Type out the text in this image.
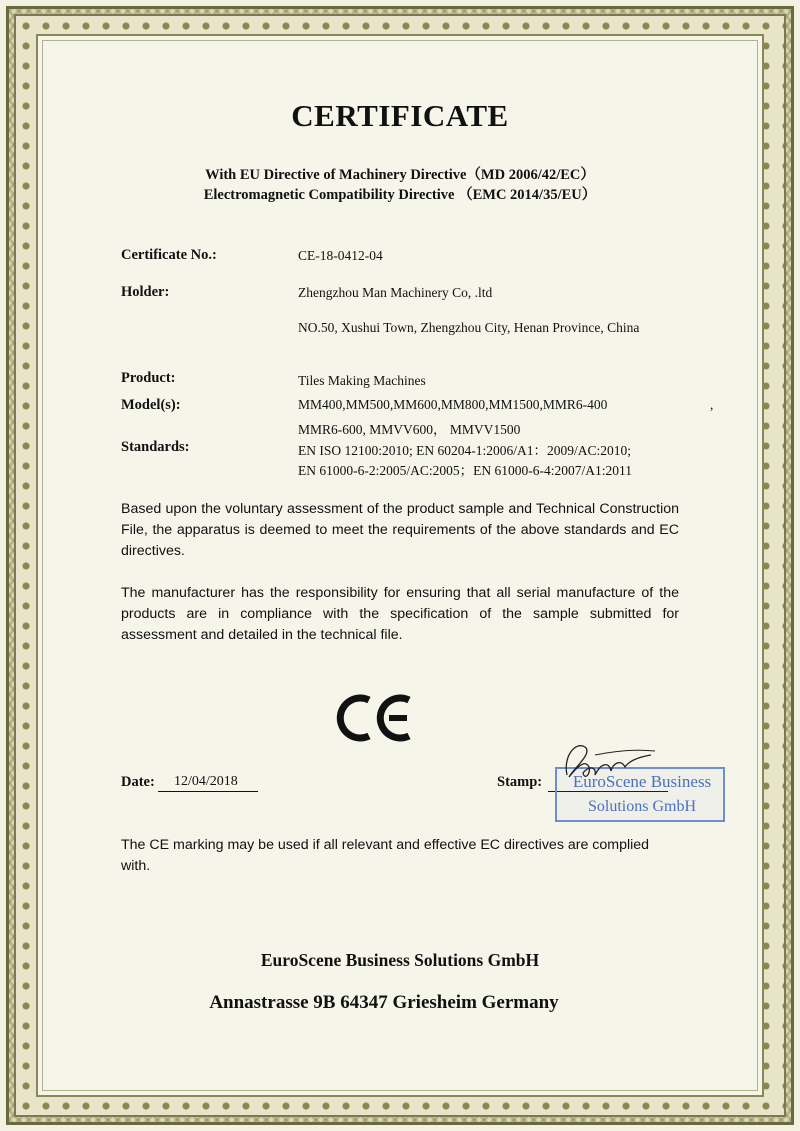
CERTIFICATE
With EU Directive of Machinery Directive（MD 2006/42/EC）
Electromagnetic Compatibility Directive （EMC 2014/35/EU）
Certificate No.:	CE-18-0412-04
Holder:	Zhengzhou Man Machinery Co, .ltd
NO.50, Xushui Town, Zhengzhou City, Henan Province, China
Product:	Tiles Making Machines
Model(s):	MM400,MM500,MM600,MM800,MM1500,MMR6-400	,
MMR6-600, MMVV600， MMVV1500
Standards:	EN ISO 12100:2010; EN 60204-1:2006/A1：2009/AC:2010;
EN 61000-6-2:2005/AC:2005；EN 61000-6-4:2007/A1:2011
Based upon the voluntary assessment of the product sample and Technical Construction File, the apparatus is deemed to meet the requirements of the above standards and EC directives.
The manufacturer has the responsibility for ensuring that all serial manufacture of the products are in compliance with the specification of the sample submitted for assessment and detailed in the technical file.
Date:	12/04/2018	Stamp:	EuroScene Business
Solutions GmbH
The CE marking may be used if all relevant and effective EC directives are complied with.
EuroScene Business Solutions GmbH
Annastrasse 9B 64347 Griesheim Germany
